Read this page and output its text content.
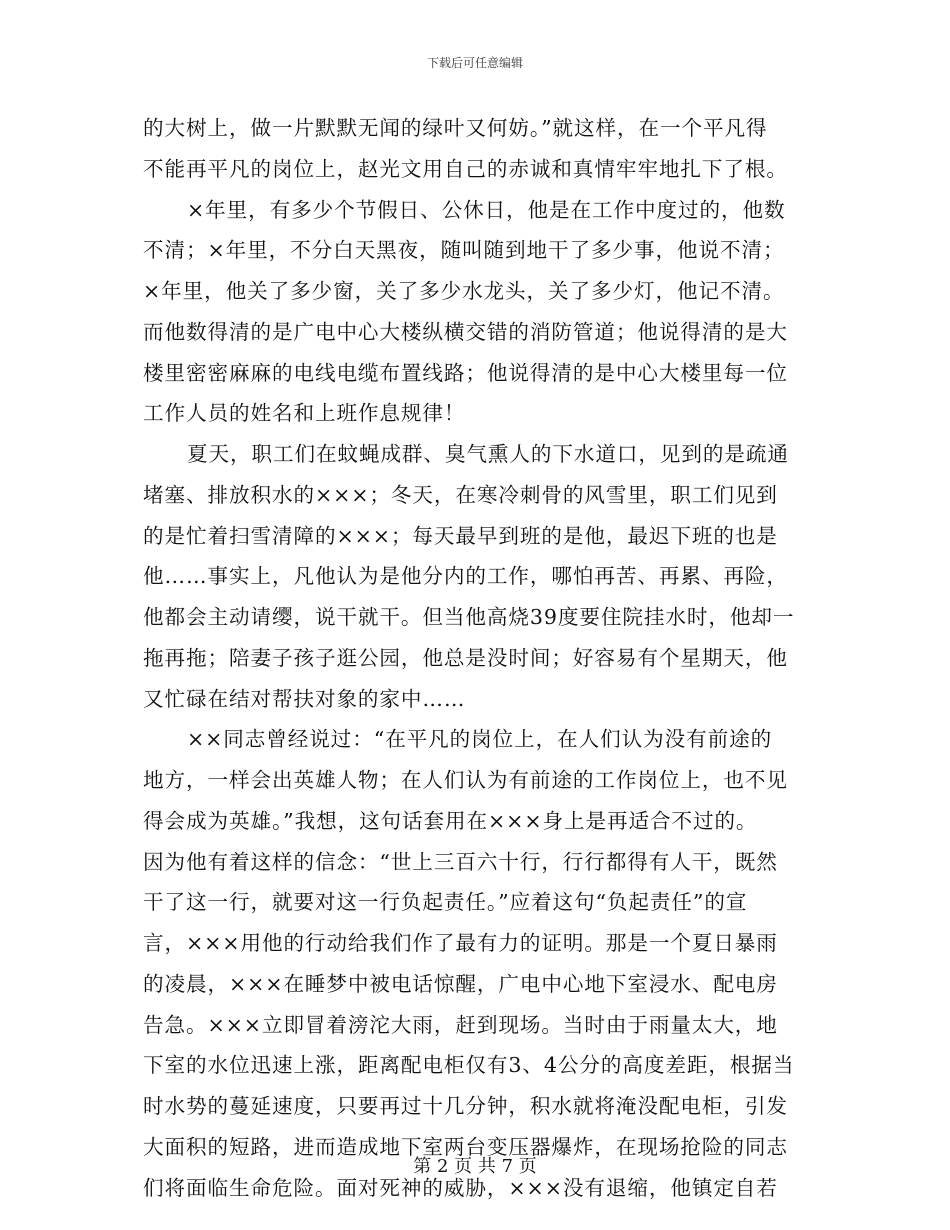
下载后可任意编辑
的大树上，做一片默默无闻的绿叶又何妨。”就这样，在一个平凡得
不能再平凡的岗位上，赵光文用自己的赤诚和真情牢牢地扎下了根。
×年里，有多少个节假日、公休日，他是在工作中度过的，他数
不清；×年里，不分白天黑夜，随叫随到地干了多少事，他说不清；
×年里，他关了多少窗，关了多少水龙头，关了多少灯，他记不清。
而他数得清的是广电中心大楼纵横交错的消防管道；他说得清的是大
楼里密密麻麻的电线电缆布置线路；他说得清的是中心大楼里每一位
工作人员的姓名和上班作息规律！
夏天，职工们在蚊蝇成群、臭气熏人的下水道口，见到的是疏通
堵塞、排放积水的×××；冬天，在寒冷刺骨的风雪里，职工们见到
的是忙着扫雪清障的×××；每天最早到班的是他，最迟下班的也是
他……事实上，凡他认为是他分内的工作，哪怕再苦、再累、再险，
他都会主动请缨，说干就干。但当他高烧39度要住院挂水时，他却一
拖再拖；陪妻子孩子逛公园，他总是没时间；好容易有个星期天，他
又忙碌在结对帮扶对象的家中……
××同志曾经说过：“在平凡的岗位上，在人们认为没有前途的
地方，一样会出英雄人物；在人们认为有前途的工作岗位上，也不见
得会成为英雄。”我想，这句话套用在×××身上是再适合不过的。
因为他有着这样的信念：“世上三百六十行，行行都得有人干，既然
干了这一行，就要对这一行负起责任。”应着这句“负起责任”的宣
言，×××用他的行动给我们作了最有力的证明。那是一个夏日暴雨
的凌晨，×××在睡梦中被电话惊醒，广电中心地下室浸水、配电房
告急。×××立即冒着滂沱大雨，赶到现场。当时由于雨量太大，地
下室的水位迅速上涨，距离配电柜仅有3、4公分的高度差距，根据当
时水势的蔓延速度，只要再过十几分钟，积水就将淹没配电柜，引发
大面积的短路，进而造成地下室两台变压器爆炸，在现场抢险的同志
们将面临生命危险。面对死神的威胁，×××没有退缩，他镇定自若
第 2 页 共 7 页
